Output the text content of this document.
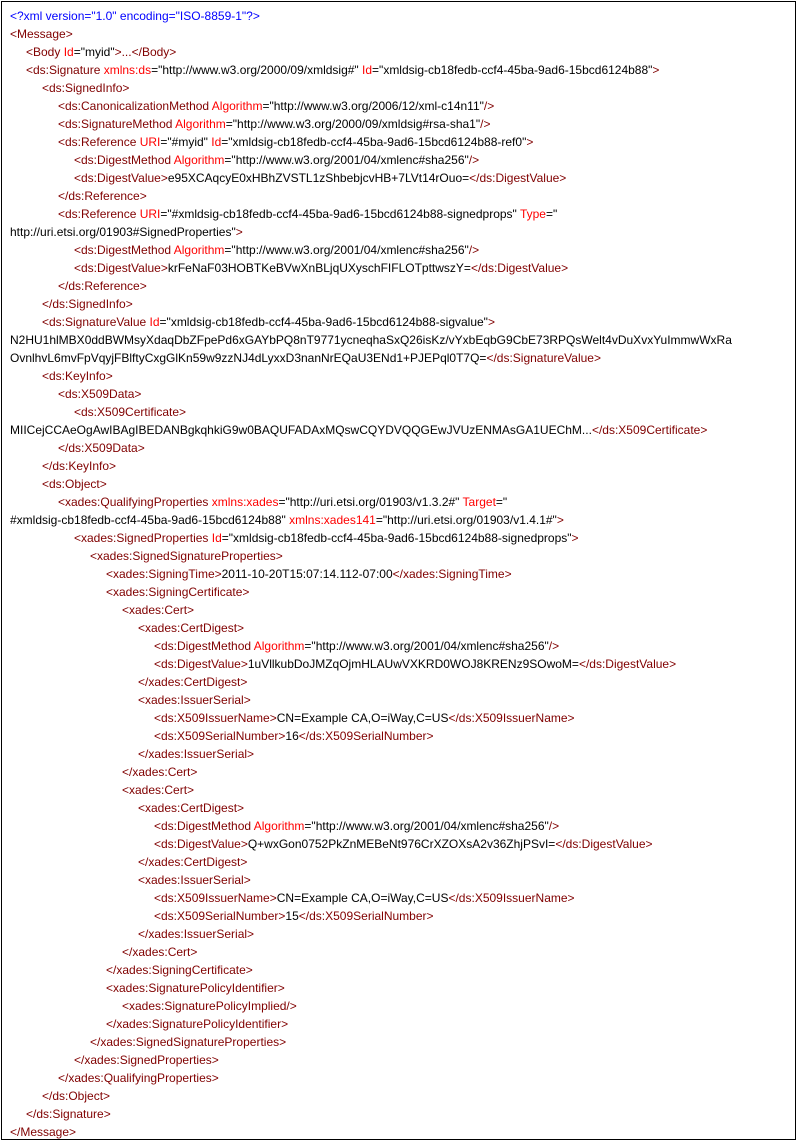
<?xml version="1.0" encoding="ISO-8859-1"?>
<Message>
<Body Id="myid">...</Body>
<ds:Signature xmlns:ds="http://www.w3.org/2000/09/xmldsig#" Id="xmldsig-cb18fedb-ccf4-45ba-9ad6-15bcd6124b88">
<ds:SignedInfo>
<ds:CanonicalizationMethod Algorithm="http://www.w3.org/2006/12/xml-c14n11"/>
<ds:SignatureMethod Algorithm="http://www.w3.org/2000/09/xmldsig#rsa-sha1"/>
<ds:Reference URI="#myid" Id="xmldsig-cb18fedb-ccf4-45ba-9ad6-15bcd6124b88-ref0">
<ds:DigestMethod Algorithm="http://www.w3.org/2001/04/xmlenc#sha256"/>
<ds:DigestValue>e95XCAqcyE0xHBhZVSTL1zShbebjcvHB+7LVt14rOuo=</ds:DigestValue>
</ds:Reference>
<ds:Reference URI="#xmldsig-cb18fedb-ccf4-45ba-9ad6-15bcd6124b88-signedprops" Type="
http://uri.etsi.org/01903#SignedProperties">
<ds:DigestMethod Algorithm="http://www.w3.org/2001/04/xmlenc#sha256"/>
<ds:DigestValue>krFeNaF03HOBTKeBVwXnBLjqUXyschFIFLOTpttwszY=</ds:DigestValue>
</ds:Reference>
</ds:SignedInfo>
<ds:SignatureValue Id="xmldsig-cb18fedb-ccf4-45ba-9ad6-15bcd6124b88-sigvalue">
N2HU1hlMBX0ddBWMsyXdaqDbZFpePd6xGAYbPQ8nT9771ycneqhaSxQ26isKz/vYxbEqbG9CbE73RPQsWelt4vDuXvxYuImmwWxRa
OvnlhvL6mvFpVqyjFBlftyCxgGlKn59w9zzNJ4dLyxxD3nanNrEQaU3ENd1+PJEPql0T7Q=</ds:SignatureValue>
<ds:KeyInfo>
<ds:X509Data>
<ds:X509Certificate>
MIICejCCAeOgAwIBAgIBEDANBgkqhkiG9w0BAQUFADAxMQswCQYDVQQGEwJVUzENMAsGA1UEChM...</ds:X509Certificate>
</ds:X509Data>
</ds:KeyInfo>
<ds:Object>
<xades:QualifyingProperties xmlns:xades="http://uri.etsi.org/01903/v1.3.2#" Target="
#xmldsig-cb18fedb-ccf4-45ba-9ad6-15bcd6124b88" xmlns:xades141="http://uri.etsi.org/01903/v1.4.1#">
<xades:SignedProperties Id="xmldsig-cb18fedb-ccf4-45ba-9ad6-15bcd6124b88-signedprops">
<xades:SignedSignatureProperties>
<xades:SigningTime>2011-10-20T15:07:14.112-07:00</xades:SigningTime>
<xades:SigningCertificate>
<xades:Cert>
<xades:CertDigest>
<ds:DigestMethod Algorithm="http://www.w3.org/2001/04/xmlenc#sha256"/>
<ds:DigestValue>1uVllkubDoJMZqOjmHLAUwVXKRD0WOJ8KRENz9SOwoM=</ds:DigestValue>
</xades:CertDigest>
<xades:IssuerSerial>
<ds:X509IssuerName>CN=Example CA,O=iWay,C=US</ds:X509IssuerName>
<ds:X509SerialNumber>16</ds:X509SerialNumber>
</xades:IssuerSerial>
</xades:Cert>
<xades:Cert>
<xades:CertDigest>
<ds:DigestMethod Algorithm="http://www.w3.org/2001/04/xmlenc#sha256"/>
<ds:DigestValue>Q+wxGon0752PkZnMEBeNt976CrXZOXsA2v36ZhjPSvI=</ds:DigestValue>
</xades:CertDigest>
<xades:IssuerSerial>
<ds:X509IssuerName>CN=Example CA,O=iWay,C=US</ds:X509IssuerName>
<ds:X509SerialNumber>15</ds:X509SerialNumber>
</xades:IssuerSerial>
</xades:Cert>
</xades:SigningCertificate>
<xades:SignaturePolicyIdentifier>
<xades:SignaturePolicyImplied/>
</xades:SignaturePolicyIdentifier>
</xades:SignedSignatureProperties>
</xades:SignedProperties>
</xades:QualifyingProperties>
</ds:Object>
</ds:Signature>
</Message>
